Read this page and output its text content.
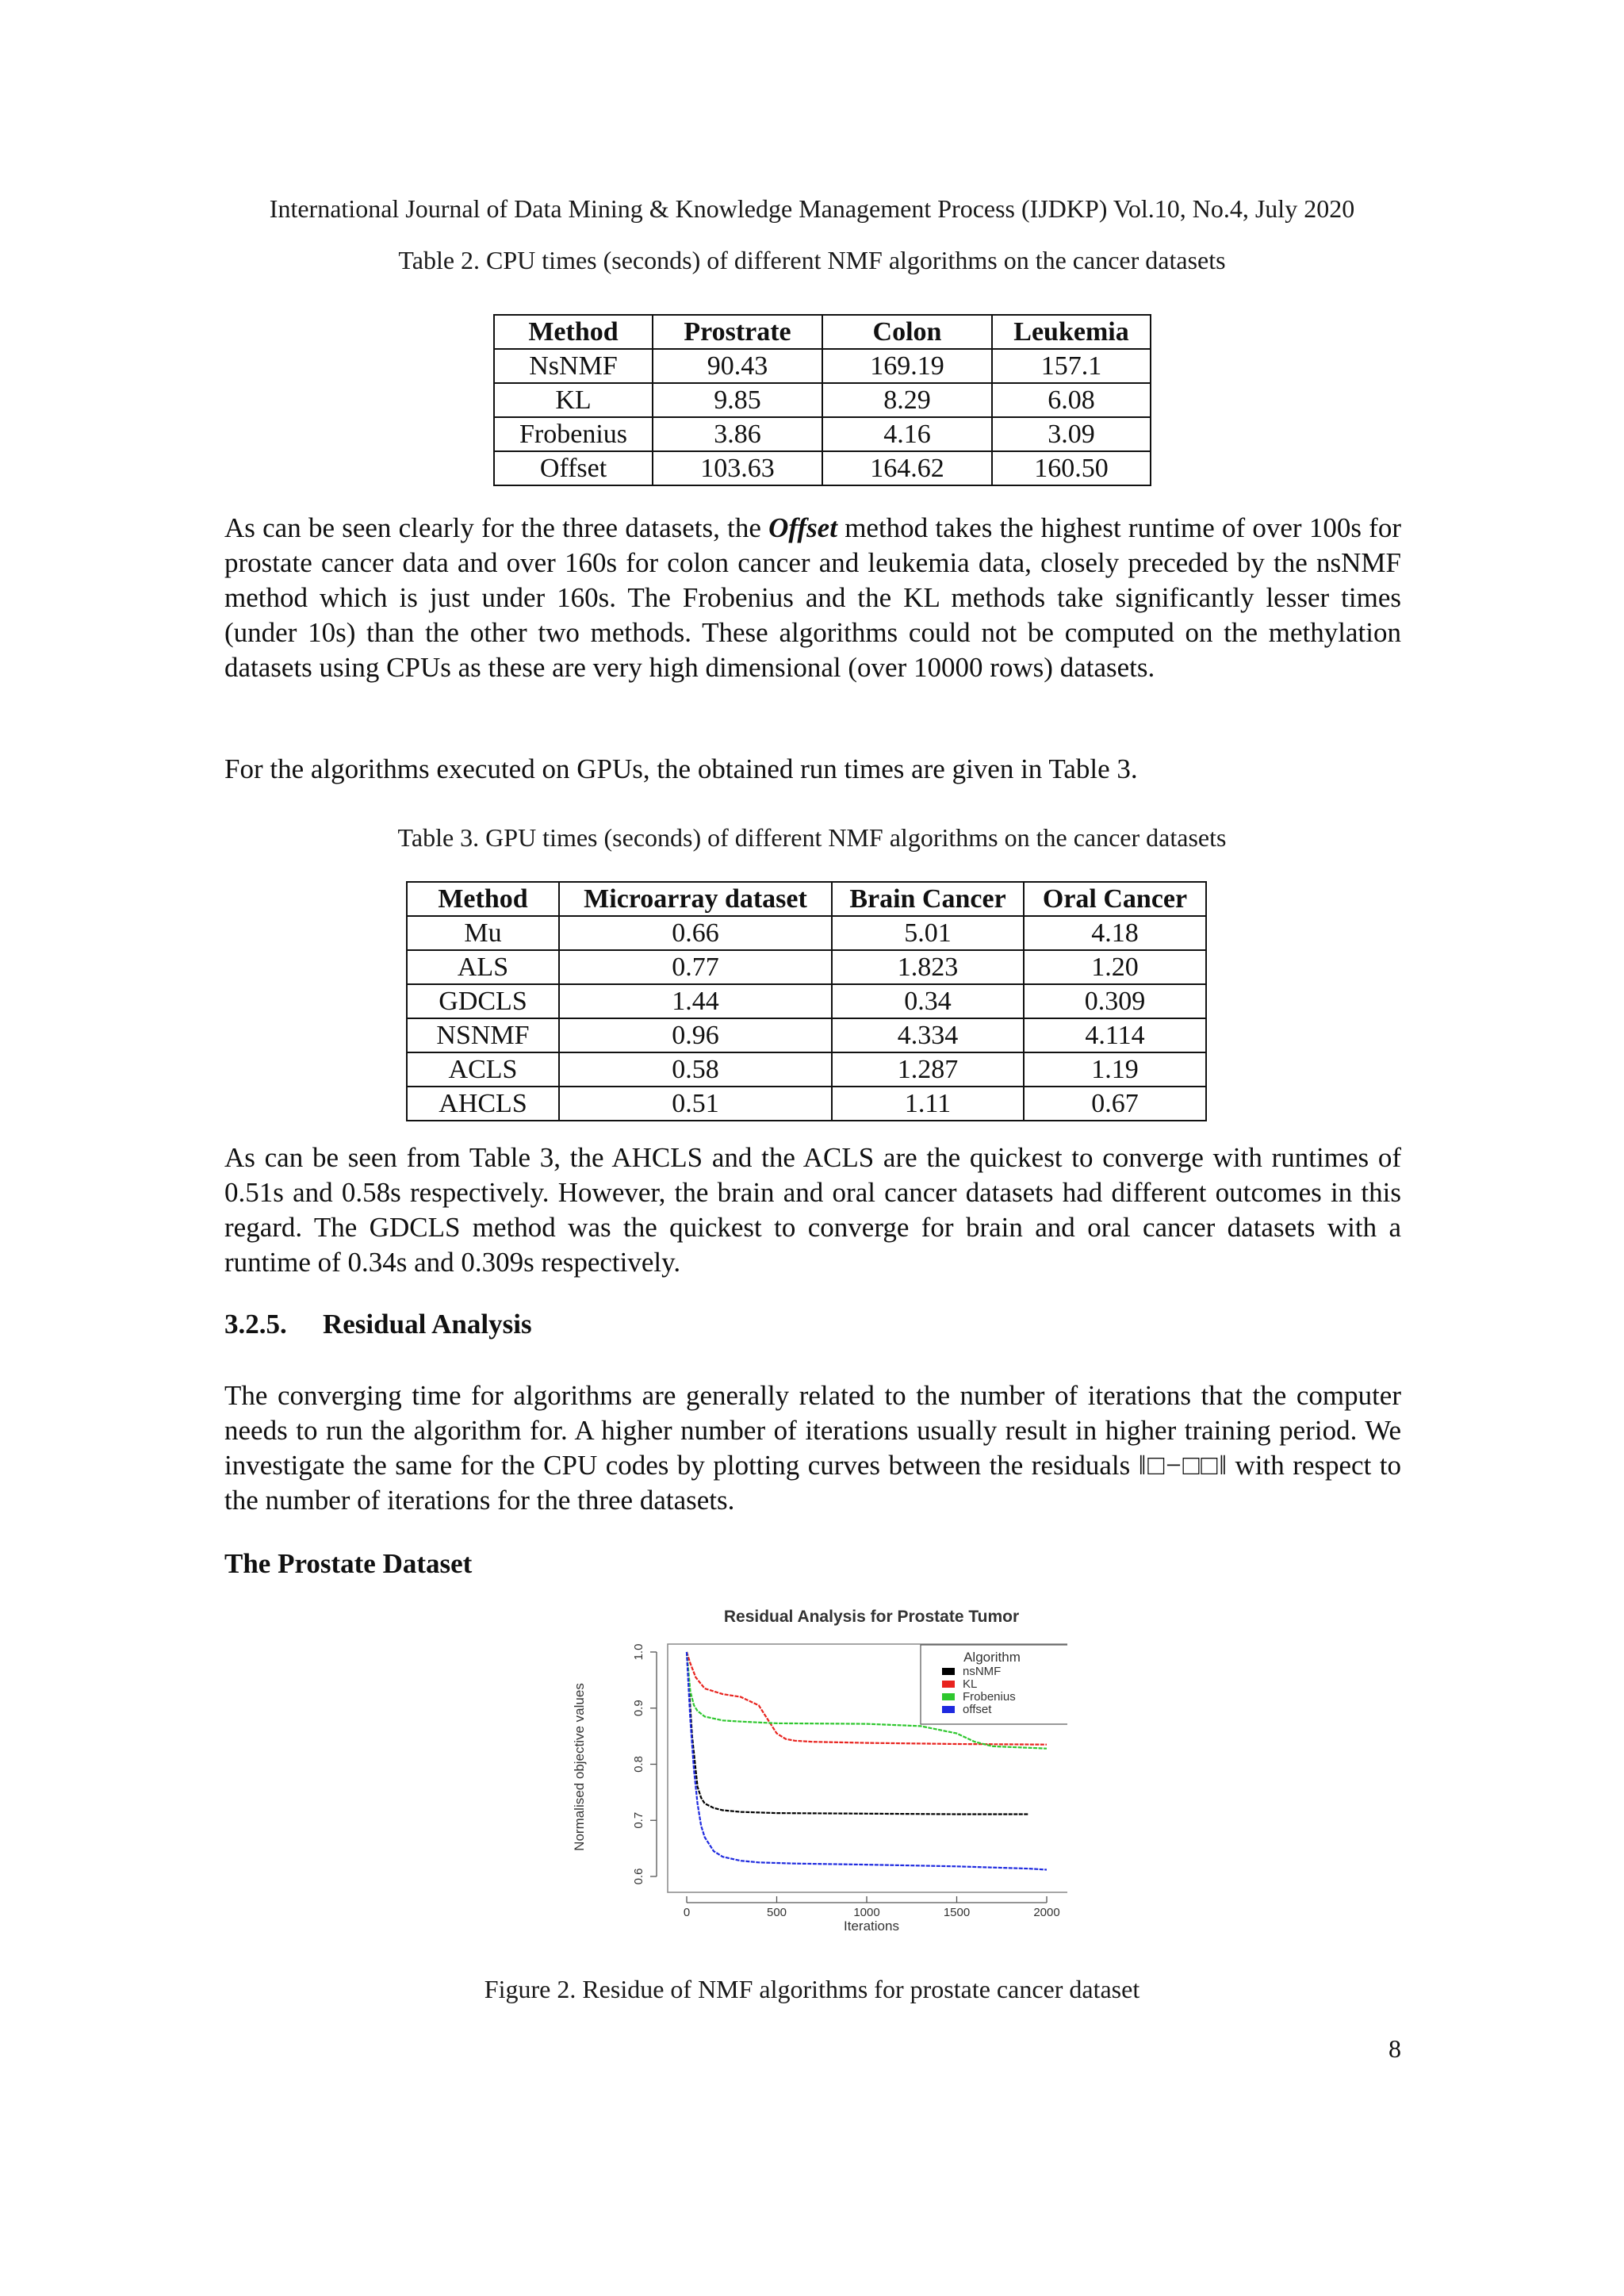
International Journal of Data Mining & Knowledge Management Process (IJDKP) Vol.10, No.4, July 2020
Table 2. CPU times (seconds) of different NMF algorithms on the cancer datasets
Method	Prostrate	Colon	Leukemia
NsNMF	90.43	169.19	157.1
KL	9.85	8.29	6.08
Frobenius	3.86	4.16	3.09
Offset	103.63	164.62	160.50

As can be seen clearly for the three datasets, the Offset method takes the highest runtime of over 100s for prostate cancer data and over 160s for colon cancer and leukemia data, closely preceded by the nsNMF method which is just under 160s. The Frobenius and the KL methods take significantly lesser times (under 10s) than the other two methods. These algorithms could not be computed on the methylation datasets using CPUs as these are very high dimensional (over 10000 rows) datasets.

For the algorithms executed on GPUs, the obtained run times are given in Table 3.

Table 3. GPU times (seconds) of different NMF algorithms on the cancer datasets
Method	Microarray dataset	Brain Cancer	Oral Cancer
Mu	0.66	5.01	4.18
ALS	0.77	1.823	1.20
GDCLS	1.44	0.34	0.309
NSNMF	0.96	4.334	4.114
ACLS	0.58	1.287	1.19
AHCLS	0.51	1.11	0.67

As can be seen from Table 3, the AHCLS and the ACLS are the quickest to converge with runtimes of 0.51s and 0.58s respectively. However, the brain and oral cancer datasets had different outcomes in this regard. The GDCLS method was the quickest to converge for brain and oral cancer datasets with a runtime of 0.34s and 0.309s respectively.

3.2.5. Residual Analysis

The converging time for algorithms are generally related to the number of iterations that the computer needs to run the algorithm for. A higher number of iterations usually result in higher training period. We investigate the same for the CPU codes by plotting curves between the residuals ‖□−□□‖ with respect to the number of iterations for the three datasets.

The Prostate Dataset
Residual Analysis for Prostate Tumor
0.6
0.7
0.8
0.9
1.0
0	500	1000	1500	2000
Normalised objective values
Iterations
Algorithm
nsNMF
KL
Frobenius
offset
Figure 2. Residue of NMF algorithms for prostate cancer dataset
8
